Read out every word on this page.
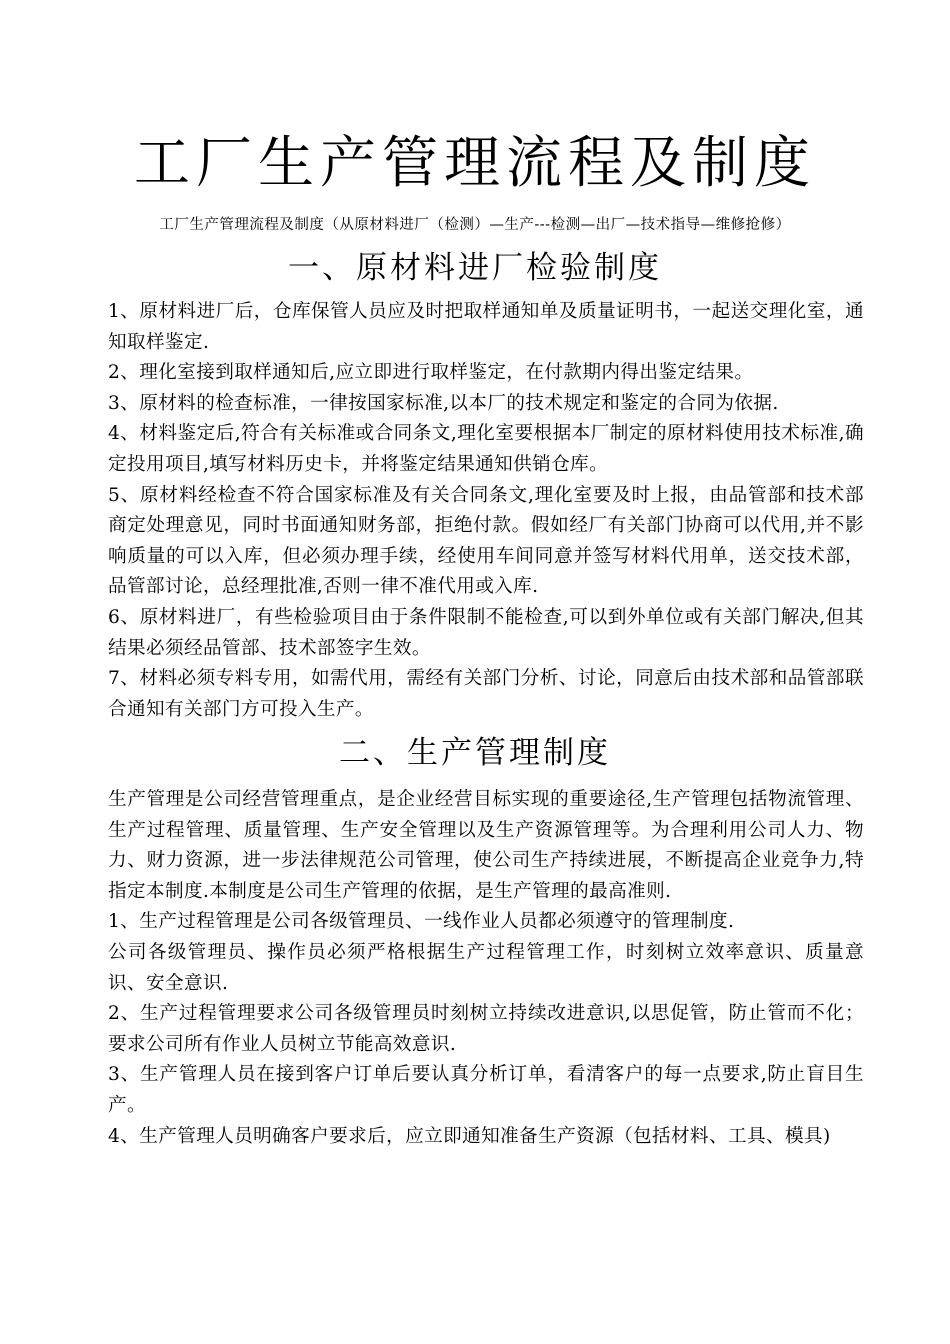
工厂生产管理流程及制度
工厂生产管理流程及制度（从原材料进厂（检测）—生产---检测—出厂—技术指导—维修抢修）
一、原材料进厂检验制度

1、原材料进厂后，仓库保管人员应及时把取样通知单及质量证明书，一起送交理化室，通知取样鉴定.

2、理化室接到取样通知后,应立即进行取样鉴定，在付款期内得出鉴定结果。

3、原材料的检查标准，一律按国家标准,以本厂的技术规定和鉴定的合同为依据.

4、材料鉴定后,符合有关标准或合同条文,理化室要根据本厂制定的原材料使用技术标准,确定投用项目,填写材料历史卡，并将鉴定结果通知供销仓库。

5、原材料经检查不符合国家标准及有关合同条文,理化室要及时上报，由品管部和技术部商定处理意见，同时书面通知财务部，拒绝付款。假如经厂有关部门协商可以代用,并不影响质量的可以入库，但必须办理手续，经使用车间同意并签写材料代用单，送交技术部，品管部讨论，总经理批准,否则一律不准代用或入库.

6、原材料进厂，有些检验项目由于条件限制不能检查,可以到外单位或有关部门解决,但其结果必须经品管部、技术部签字生效。

7、材料必须专料专用，如需代用，需经有关部门分析、讨论，同意后由技术部和品管部联合通知有关部门方可投入生产。

二、生产管理制度

生产管理是公司经营管理重点，是企业经营目标实现的重要途径,生产管理包括物流管理、生产过程管理、质量管理、生产安全管理以及生产资源管理等。为合理利用公司人力、物力、财力资源，进一步法律规范公司管理，使公司生产持续进展，不断提高企业竞争力,特指定本制度.本制度是公司生产管理的依据，是生产管理的最高准则.

1、生产过程管理是公司各级管理员、一线作业人员都必须遵守的管理制度.

公司各级管理员、操作员必须严格根据生产过程管理工作，时刻树立效率意识、质量意识、安全意识.

2、生产过程管理要求公司各级管理员时刻树立持续改进意识,以思促管，防止管而不化；要求公司所有作业人员树立节能高效意识.

3、生产管理人员在接到客户订单后要认真分析订单，看清客户的每一点要求,防止盲目生产。

4、生产管理人员明确客户要求后，应立即通知准备生产资源（包括材料、工具、模具)
